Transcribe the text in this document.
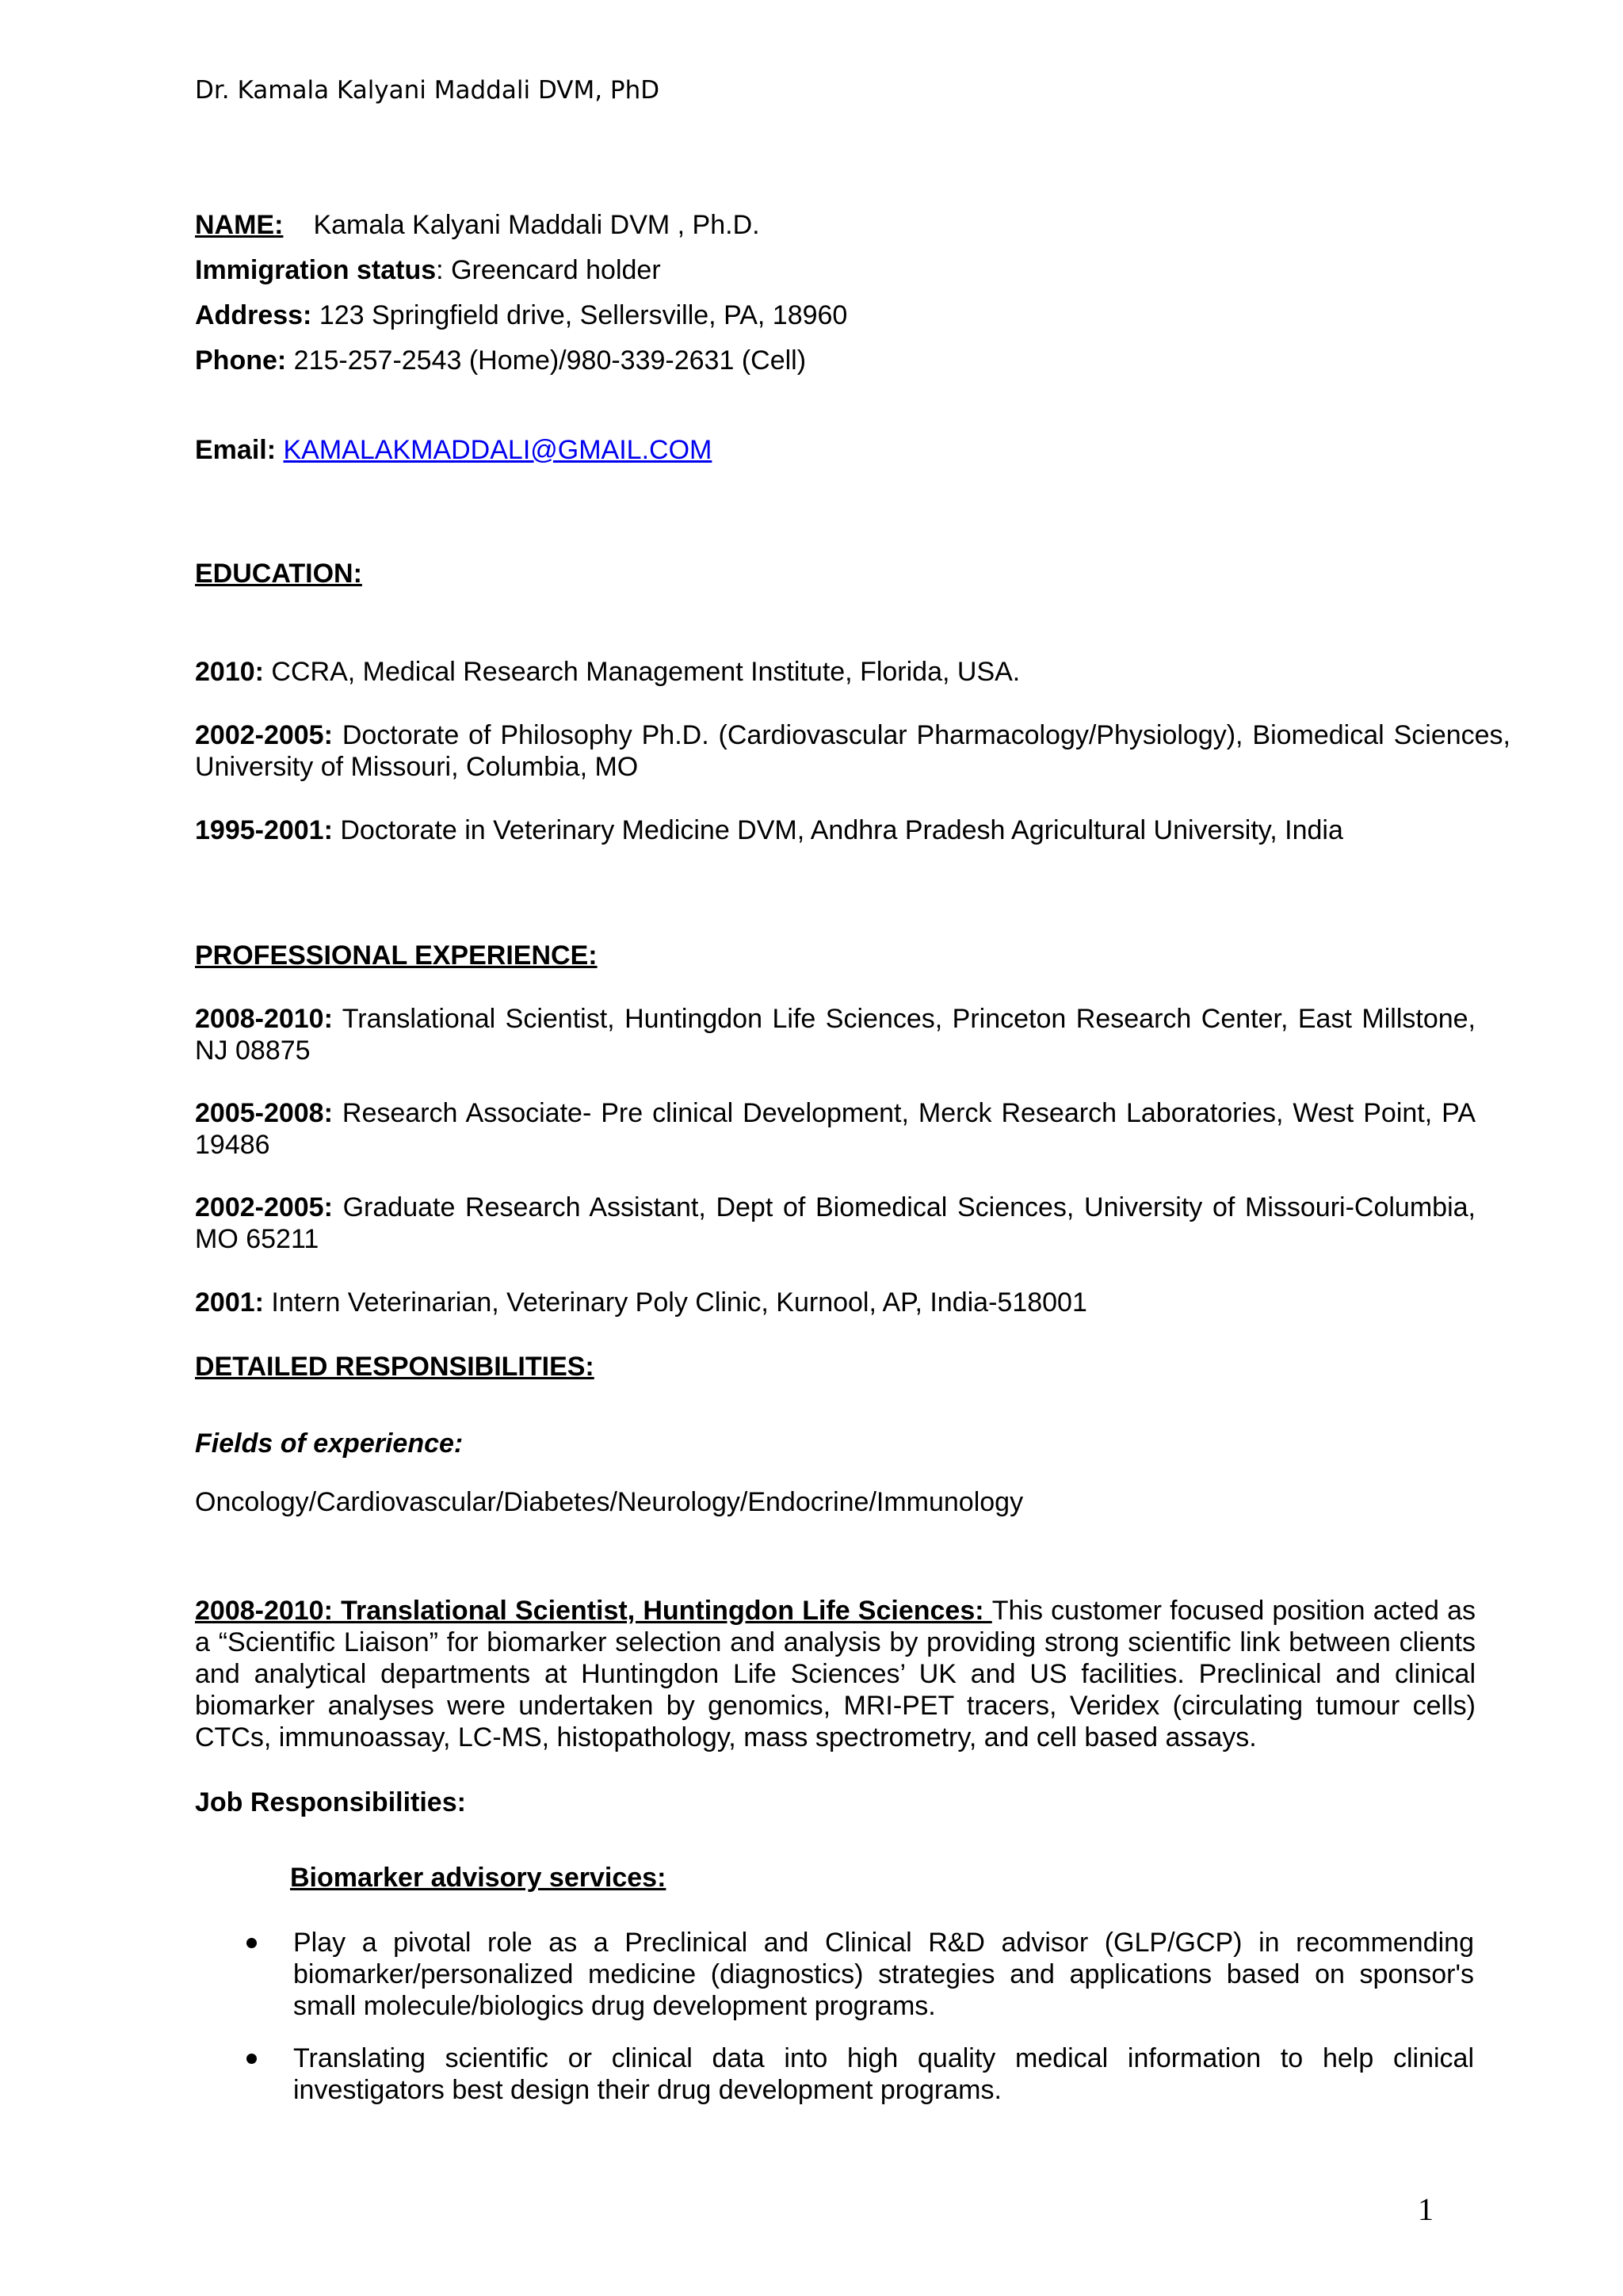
Dr. Kamala Kalyani Maddali DVM, PhD
NAME: Kamala Kalyani Maddali DVM , Ph.D.
Immigration status: Greencard holder
Address: 123 Springfield drive, Sellersville, PA, 18960
Phone: 215-257-2543 (Home)/980-339-2631 (Cell)
Email: KAMALAKMADDALI@GMAIL.COM
EDUCATION:
2010: CCRA, Medical Research Management Institute, Florida, USA.
2002-2005: Doctorate of Philosophy Ph.D. (Cardiovascular Pharmacology/Physiology), Biomedical Sciences, University of Missouri, Columbia, MO
1995-2001: Doctorate in Veterinary Medicine DVM, Andhra Pradesh Agricultural University, India
PROFESSIONAL EXPERIENCE:
2008-2010: Translational Scientist, Huntingdon Life Sciences, Princeton Research Center, East Millstone, NJ 08875
2005-2008: Research Associate- Pre clinical Development, Merck Research Laboratories, West Point, PA 19486
2002-2005: Graduate Research Assistant, Dept of Biomedical Sciences, University of Missouri-Columbia, MO 65211
2001: Intern Veterinarian, Veterinary Poly Clinic, Kurnool, AP, India-518001
DETAILED RESPONSIBILITIES:
Fields of experience:
Oncology/Cardiovascular/Diabetes/Neurology/Endocrine/Immunology
2008-2010: Translational Scientist, Huntingdon Life Sciences: This customer focused position acted as a “Scientific Liaison” for biomarker selection and analysis by providing strong scientific link between clients and analytical departments at Huntingdon Life Sciences’ UK and US facilities. Preclinical and clinical biomarker analyses were undertaken by genomics, MRI-PET tracers, Veridex (circulating tumour cells) CTCs, immunoassay, LC-MS, histopathology, mass spectrometry, and cell based assays.
Job Responsibilities:
Biomarker advisory services:
Play a pivotal role as a Preclinical and Clinical R&D advisor (GLP/GCP) in recommending biomarker/personalized medicine (diagnostics) strategies and applications based on sponsor's small molecule/biologics drug development programs.
Translating scientific or clinical data into high quality medical information to help clinical investigators best design their drug development programs.
1
